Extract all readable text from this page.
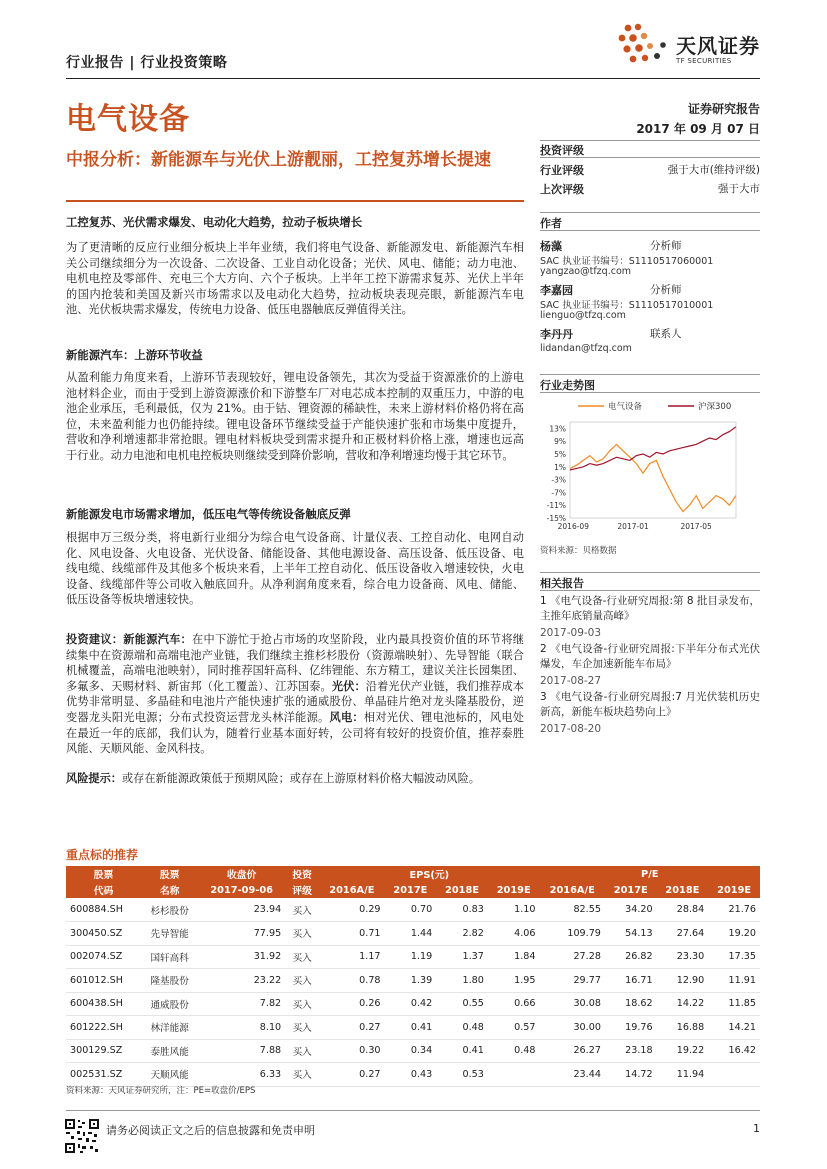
行业报告 | 行业投资策略
天风证券
TF SECURITIES
电气设备	证券研究报告
2017 年 09 月 07 日
中报分析：新能源车与光伏上游靓丽，工控复苏增长提速
工控复苏、光伏需求爆发、电动化大趋势，拉动子板块增长
为了更清晰的反应行业细分板块上半年业绩，我们将电气设备、新能源发电、新能源汽车相关公司继续细分为一次设备、二次设备、工业自动化设备；光伏、风电、储能；动力电池、电机电控及零部件、充电三个大方向、六个子板块。上半年工控下游需求复苏、光伏上半年的国内抢装和美国及新兴市场需求以及电动化大趋势，拉动板块表现亮眼，新能源汽车电池、光伏板块需求爆发，传统电力设备、低压电器触底反弹值得关注。
新能源汽车：上游环节收益
从盈利能力角度来看，上游环节表现较好，锂电设备领先，其次为受益于资源涨价的上游电池材料企业，而由于受到上游资源涨价和下游整车厂对电芯成本控制的双重压力，中游的电池企业承压，毛利最低，仅为 21%。由于钴、锂资源的稀缺性，未来上游材料价格仍将在高位，未来盈利能力也仍能持续。锂电设备环节继续受益于产能快速扩张和市场集中度提升，营收和净利增速都非常抢眼。锂电材料板块受到需求提升和正极材料价格上涨，增速也远高于行业。动力电池和电机电控板块则继续受到降价影响，营收和净利增速均慢于其它环节。
新能源发电市场需求增加，低压电气等传统设备触底反弹
根据申万三级分类，将电新行业细分为综合电气设备商、计量仪表、工控自动化、电网自动化、风电设备、火电设备、光伏设备、储能设备、其他电源设备、高压设备、低压设备、电线电缆、线缆部件及其他多个板块来看，上半年工控自动化、低压设备收入增速较快，火电设备、线缆部件等公司收入触底回升。从净利润角度来看，综合电力设备商、风电、储能、低压设备等板块增速较快。
投资建议：新能源汽车：在中下游忙于抢占市场的攻坚阶段，业内最具投资价值的环节将继续集中在资源端和高端电池产业链，我们继续主推杉杉股份（资源端映射）、先导智能（联合机械覆盖，高端电池映射），同时推荐国轩高科、亿纬锂能、东方精工，建议关注长园集团、多氟多、天赐材料、新宙邦（化工覆盖）、江苏国泰。光伏：沿着光伏产业链，我们推荐成本优势非常明显、多晶硅和电池片产能快速扩张的通威股份、单晶硅片绝对龙头隆基股份，逆变器龙头阳光电源；分布式投资运营龙头林洋能源。风电：相对光伏、锂电池标的，风电处在最近一年的底部，我们认为，随着行业基本面好转，公司将有较好的投资价值，推荐泰胜风能、天顺风能、金风科技。
风险提示：或存在新能源政策低于预期风险；或存在上游原材料价格大幅波动风险。
投资评级
行业评级	强于大市(维持评级)
上次评级	强于大市
作者
杨藻	分析师
SAC 执业证书编号：S1110517060001
yangzao@tfzq.com
李嘉园	分析师
SAC 执业证书编号：S1110517010001
lienguo@tfzq.com
李丹丹	联系人
lidandan@tfzq.com
行业走势图
13%
9%
5%
1%
-3%
-7%
-11%
-15%
2016-09	2017-01	2017-05
电气设备	沪深300
资料来源：贝格数据
相关报告
1 《电气设备-行业研究周报:第 8 批目录发布，主推年底销量高峰》
2017-09-03
2 《电气设备-行业研究周报:下半年分布式光伏爆发，车企加速新能车布局》
2017-08-27
3 《电气设备-行业研究周报:7 月光伏装机历史新高，新能车板块趋势向上》
2017-08-20
重点标的推荐
股票	股票	收盘价	投资	EPS(元)				P/E			
代码	名称	2017-09-06	评级	2016A/E	2017E	2018E	2019E	2016A/E	2017E	2018E	2019E
600884.SH	杉杉股份	23.94	买入	0.29	0.70	0.83	1.10	82.55	34.20	28.84	21.76
300450.SZ	先导智能	77.95	买入	0.71	1.44	2.82	4.06	109.79	54.13	27.64	19.20
002074.SZ	国轩高科	31.92	买入	1.17	1.19	1.37	1.84	27.28	26.82	23.30	17.35
601012.SH	隆基股份	23.22	买入	0.78	1.39	1.80	1.95	29.77	16.71	12.90	11.91
600438.SH	通威股份	7.82	买入	0.26	0.42	0.55	0.66	30.08	18.62	14.22	11.85
601222.SH	林洋能源	8.10	买入	0.27	0.41	0.48	0.57	30.00	19.76	16.88	14.21
300129.SZ	泰胜风能	7.88	买入	0.30	0.34	0.41	0.48	26.27	23.18	19.22	16.42
002531.SZ	天顺风能	6.33	买入	0.27	0.43	0.53		23.44	14.72	11.94	
资料来源：天风证券研究所，注：PE=收盘价/EPS
请务必阅读正文之后的信息披露和免责申明	1
